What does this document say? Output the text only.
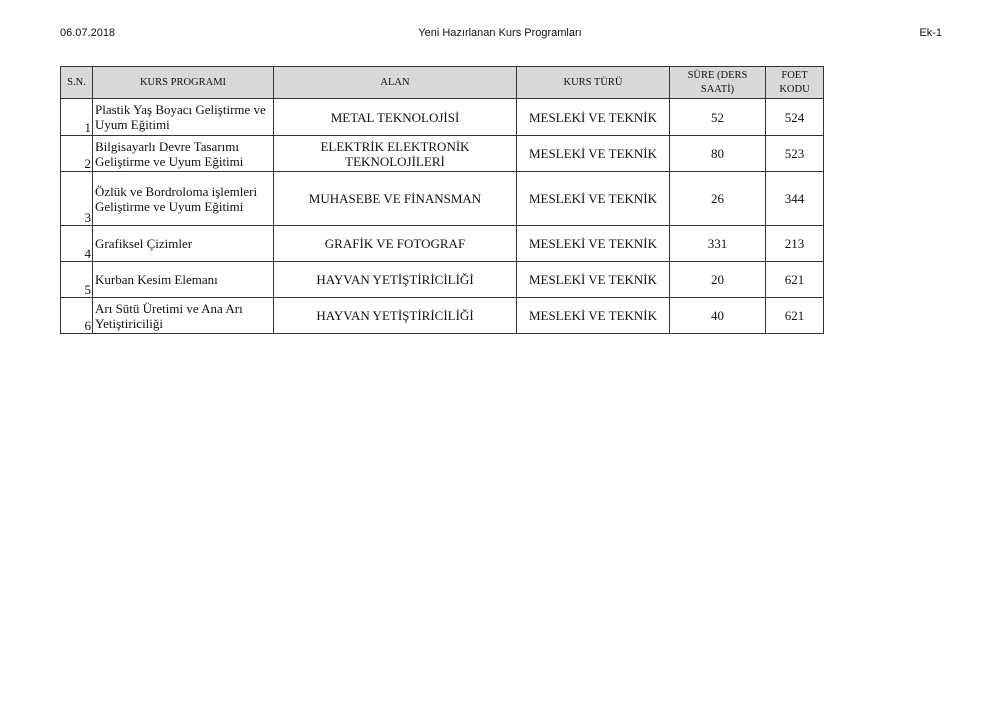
06.07.2018	Yeni Hazırlanan Kurs Programları	Ek-1
S.N.	KURS PROGRAMI	ALAN	KURS TÜRÜ	SÜRE (DERS SAATİ)	FOET KODU
1	Plastik Yaş Boyacı Geliştirme ve Uyum Eğitimi	METAL TEKNOLOJİSİ	MESLEKİ VE TEKNİK	52	524
2	Bilgisayarlı Devre Tasarımı Geliştirme ve Uyum Eğitimi	ELEKTRİK ELEKTRONİK TEKNOLOJİLERİ	MESLEKİ VE TEKNİK	80	523
3	Özlük ve Bordroloma işlemleri Geliştirme ve Uyum Eğitimi	MUHASEBE VE FİNANSMAN	MESLEKİ VE TEKNİK	26	344
4	Grafiksel Çizimler	GRAFİK VE FOTOGRAF	MESLEKİ VE TEKNİK	331	213
5	Kurban Kesim Elemanı	HAYVAN YETİŞTİRİCİLİĞİ	MESLEKİ VE TEKNİK	20	621
6	Arı Sütü Üretimi ve Ana Arı Yetiştiriciliği	HAYVAN YETİŞTİRİCİLİĞİ	MESLEKİ VE TEKNİK	40	621
